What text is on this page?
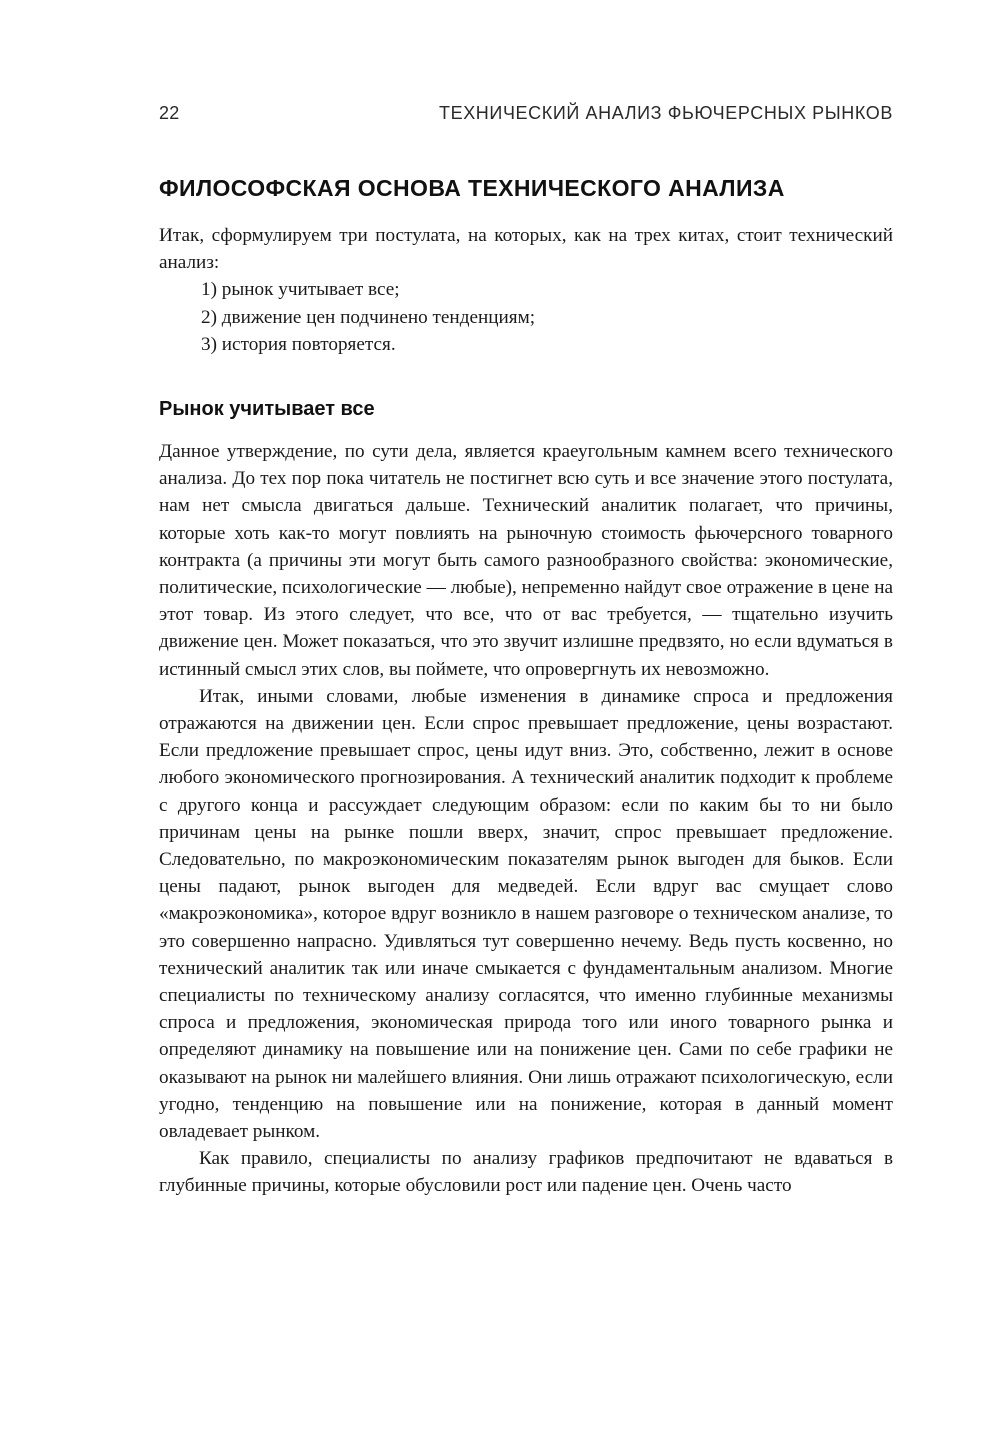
22	ТЕХНИЧЕСКИЙ АНАЛИЗ ФЬЮЧЕРСНЫХ РЫНКОВ
ФИЛОСОФСКАЯ ОСНОВА ТЕХНИЧЕСКОГО АНАЛИЗА

Итак, сформулируем три постулата, на которых, как на трех китах, стоит технический анализ:

1) рынок учитывает все;
2) движение цен подчинено тенденциям;
3) история повторяется.
Рынок учитывает все

Данное утверждение, по сути дела, является краеугольным камнем всего технического анализа. До тех пор пока читатель не постигнет всю суть и все значение этого постулата, нам нет смысла двигаться дальше. Технический аналитик полагает, что причины, которые хоть как-то могут повлиять на рыночную стоимость фьючерсного товарного контракта (а причины эти могут быть самого разнообразного свойства: экономические, политические, психологические — любые), непременно найдут свое отражение в цене на этот товар. Из этого следует, что все, что от вас требуется, — тщательно изучить движение цен. Может показаться, что это звучит излишне предвзято, но если вдуматься в истинный смысл этих слов, вы поймете, что опровергнуть их невозможно.

Итак, иными словами, любые изменения в динамике спроса и предложения отражаются на движении цен. Если спрос превышает предложение, цены возрастают. Если предложение превышает спрос, цены идут вниз. Это, собственно, лежит в основе любого экономического прогнозирования. А технический аналитик подходит к проблеме с другого конца и рассуждает следующим образом: если по каким бы то ни было причинам цены на рынке пошли вверх, значит, спрос превышает предложение. Следовательно, по макроэкономическим показателям рынок выгоден для быков. Если цены падают, рынок выгоден для медведей. Если вдруг вас смущает слово «макроэкономика», которое вдруг возникло в нашем разговоре о техническом анализе, то это совершенно напрасно. Удивляться тут совершенно нечему. Ведь пусть косвенно, но технический аналитик так или иначе смыкается с фундаментальным анализом. Многие специалисты по техническому анализу согласятся, что именно глубинные механизмы спроса и предложения, экономическая природа того или иного товарного рынка и определяют динамику на повышение или на понижение цен. Сами по себе графики не оказывают на рынок ни малейшего влияния. Они лишь отражают психологическую, если угодно, тенденцию на повышение или на понижение, которая в данный момент овладевает рынком.

Как правило, специалисты по анализу графиков предпочитают не вдаваться в глубинные причины, которые обусловили рост или падение цен. Очень часто
